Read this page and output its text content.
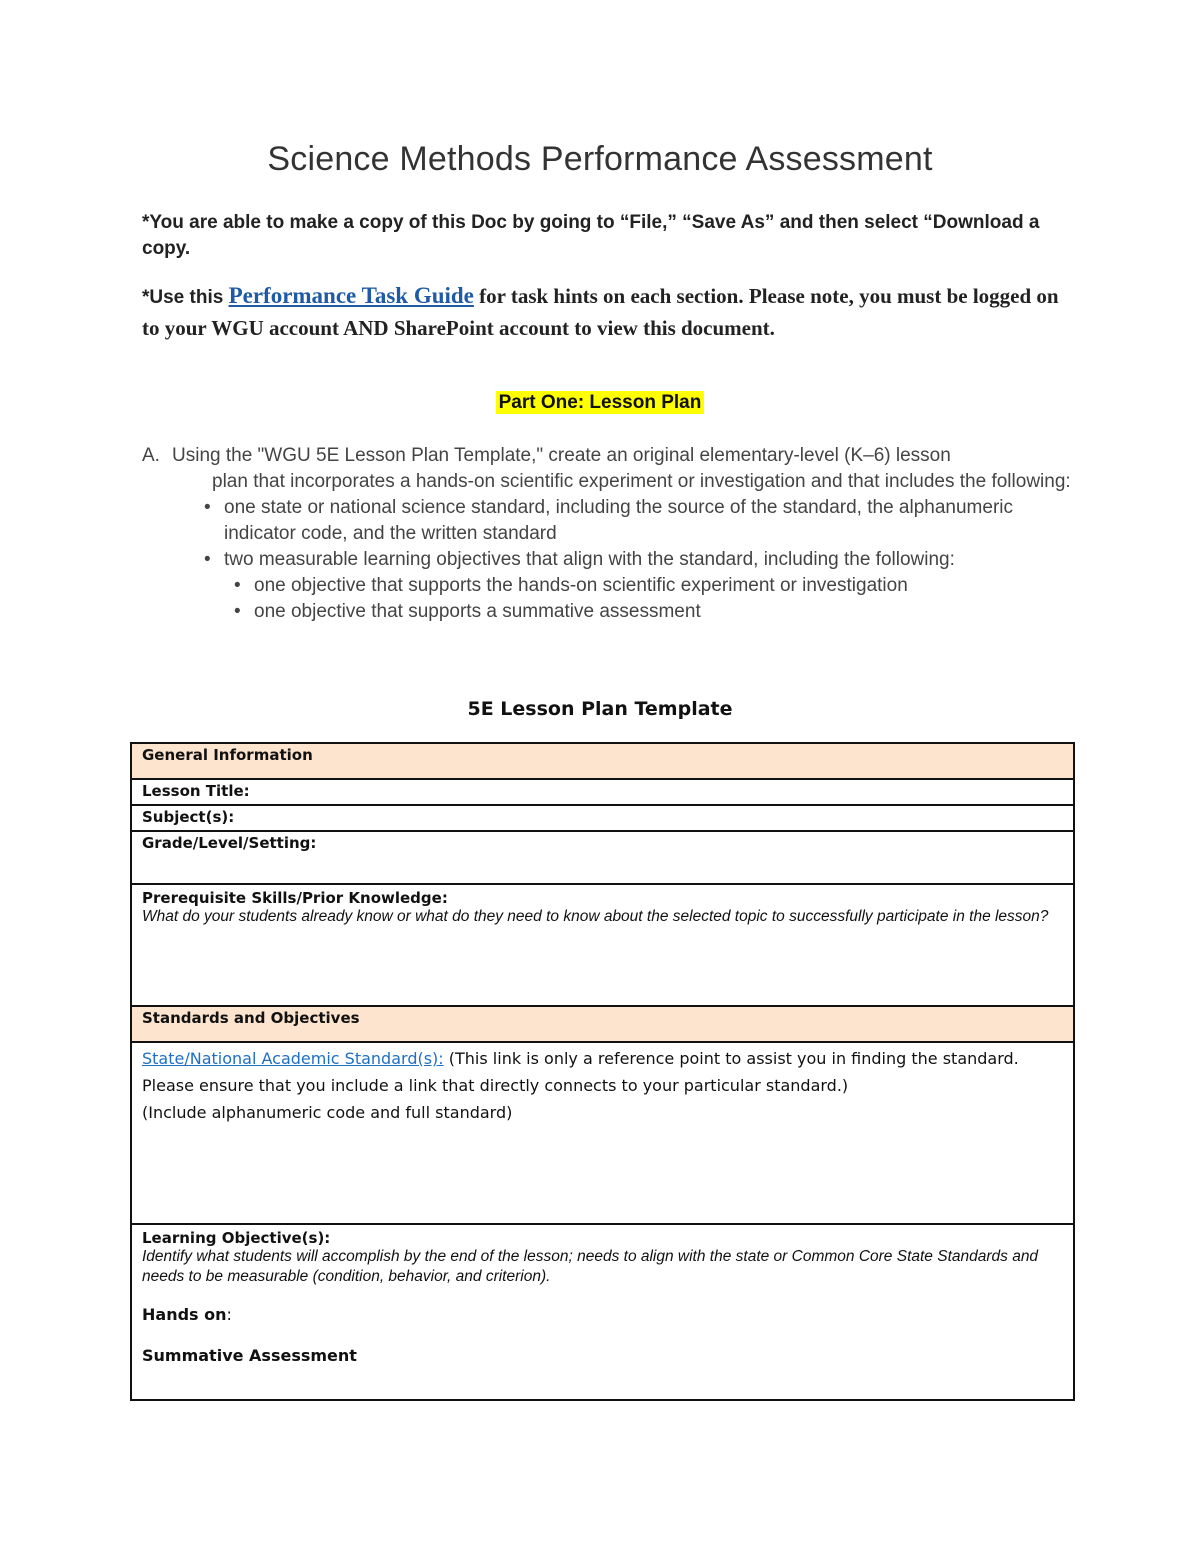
Science Methods Performance Assessment
*You are able to make a copy of this Doc by going to “File,” “Save As” and then select “Download a copy.
*Use this Performance Task Guide for task hints on each section. Please note, you must be logged on to your WGU account AND SharePoint account to view this document.
Part One: Lesson Plan
A. Using the "WGU 5E Lesson Plan Template," create an original elementary-level (K–6) lesson
plan that incorporates a hands-on scientific experiment or investigation and that includes the following:
• one state or national science standard, including the source of the standard, the alphanumeric indicator code, and the written standard
• two measurable learning objectives that align with the standard, including the following:
• one objective that supports the hands-on scientific experiment or investigation
• one objective that supports a summative assessment
5E Lesson Plan Template
General Information
Lesson Title:
Subject(s):
Grade/Level/Setting:

Prerequisite Skills/Prior Knowledge:
What do your students already know or what do they need to know about the selected topic to successfully participate in the lesson?

Standards and Objectives

State/National Academic Standard(s): (This link is only a reference point to assist you in finding the standard. Please ensure that you include a link that directly connects to your particular standard.)
(Include alphanumeric code and full standard)

Learning Objective(s):
Identify what students will accomplish by the end of the lesson; needs to align with the state or Common Core State Standards and needs to be measurable (condition, behavior, and criterion).
Hands on:
Summative Assessment
